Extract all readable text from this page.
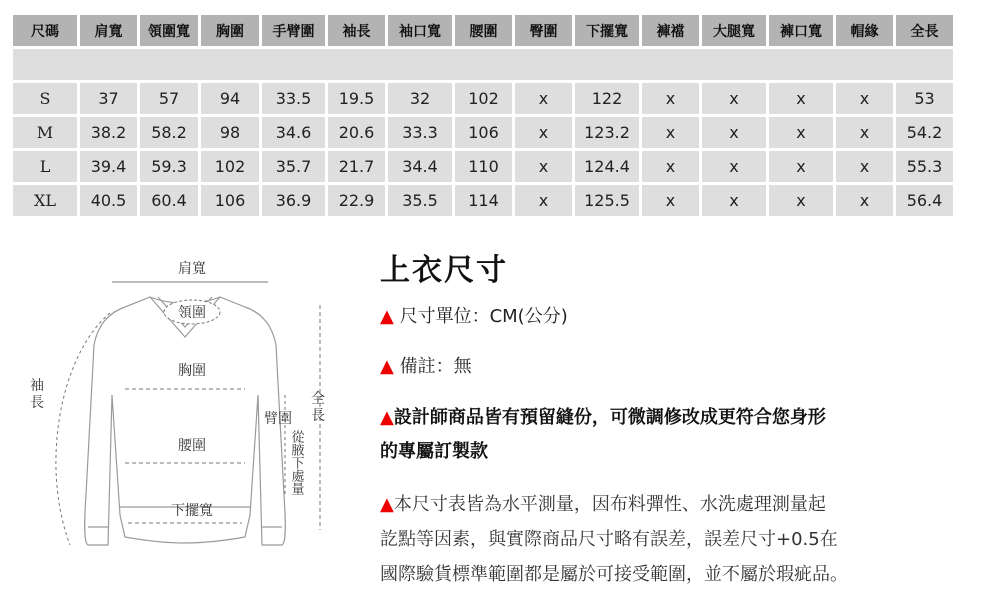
尺碼	肩寬	領圍寬	胸圍	手臂圍	袖長	袖口寬	腰圍	臀圍	下擺寬	褲襠	大腿寬	褲口寬	帽緣	全長

S	37	57	94	33.5	19.5	32	102	x	122	x	x	x	x	53
M	38.2	58.2	98	34.6	20.6	33.3	106	x	123.2	x	x	x	x	54.2
L	39.4	59.3	102	35.7	21.7	34.4	110	x	124.4	x	x	x	x	55.3
XL	40.5	60.4	106	36.9	22.9	35.5	114	x	125.5	x	x	x	x	56.4
肩寬
領圍
胸圍
腰圍
下擺寬
袖
長
臂圍
全
長
從腋下處量
上衣尺寸
▲ 尺寸單位：CM(公分)
▲ 備註：無
▲設計師商品皆有預留縫份，可微調修改成更符合您身形
的專屬訂製款
▲本尺寸表皆為水平測量，因布料彈性、水洗處理測量起
訖點等因素，與實際商品尺寸略有誤差，誤差尺寸+0.5在
國際驗貨標準範圍都是屬於可接受範圍，並不屬於瑕疵品。
